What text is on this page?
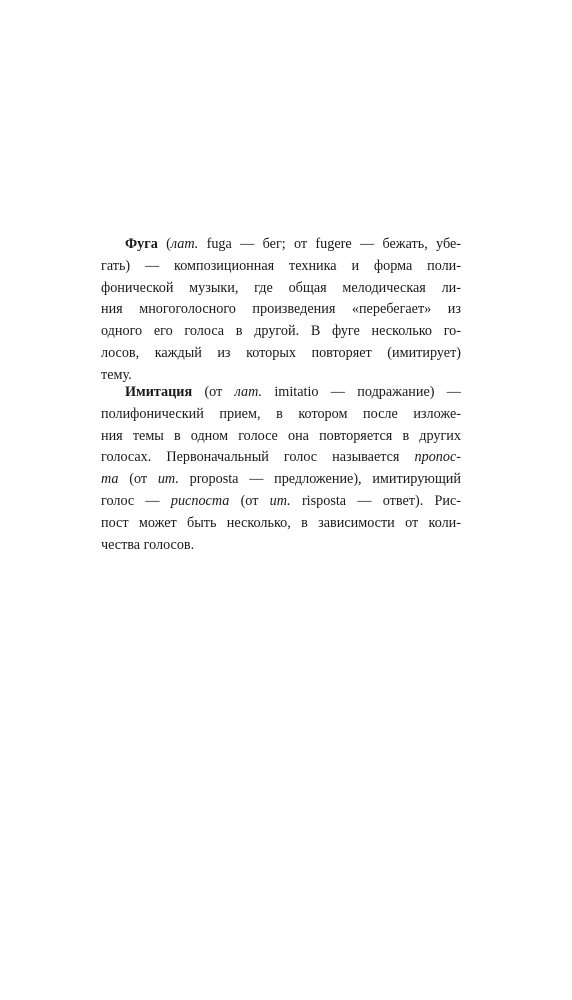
Фуга (лат. fuga — бег; от fugere — бежать, убе-
гать) — композиционная техника и форма поли-
фонической музыки, где общая мелодическая ли-
ния многоголосного произведения «перебегает» из
одного его голоса в другой. В фуге несколько го-
лосов, каждый из которых повторяет (имитирует)
тему.

Имитация (от лат. imitatio — подражание) —
полифонический прием, в котором после изложе-
ния темы в одном голосе она повторяется в других
голосах. Первоначальный голос называется пропос-
та (от ит. proposta — предложение), имитирующий
голос — риспоста (от ит. risposta — ответ). Рис-
пост может быть несколько, в зависимости от коли-
чества голосов.
